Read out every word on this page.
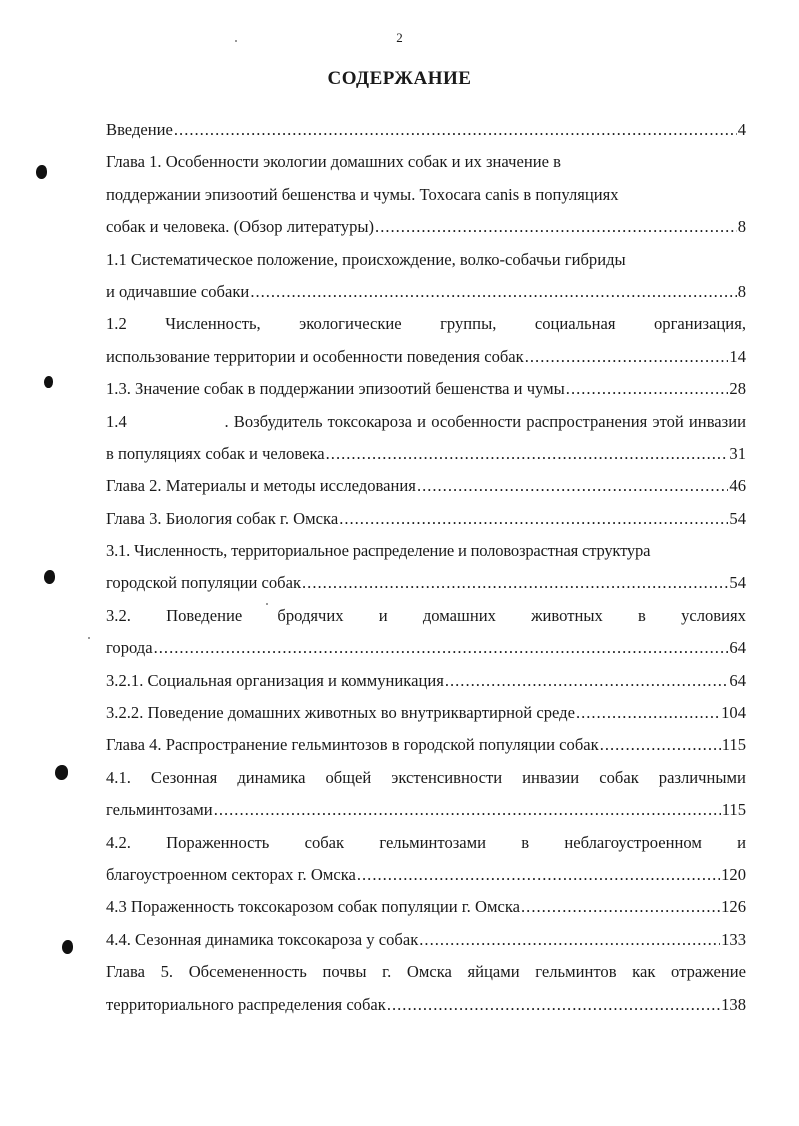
2
СОДЕРЖАНИЕ
Введение .....	4
Глава 1. Особенности экологии домашних собак и их значение в
поддержании эпизоотий бешенства и чумы. Toxocara canis в популяциях
собак и человека. (Обзор литературы) .....	8
1.1 Систематическое положение, происхождение, волко-собачьи гибриды
и одичавшие собаки .....	8
1.2 Численность, экологические группы, социальная организация,
использование территории и особенности поведения собак .....	14
1.3. Значение собак в поддержании эпизоотий бешенства и чумы .....	28
1.4	. Возбудитель токсокароза и особенности распространения этой инвазии
в популяциях собак и человека .....	31
Глава 2. Материалы и методы исследования .....	46
Глава 3. Биология собак г. Омска .....	54
3.1. Численность, территориальное распределение и половозрастная структура
городской популяции собак .....	54
3.2. Поведение бродячих и домашних животных в условиях
города .....	64
3.2.1. Социальная организация и коммуникация .....	64
3.2.2. Поведение домашних животных во внутриквартирной среде .....	104
Глава 4. Распространение гельминтозов в городской популяции собак .....	115
4.1. Сезонная динамика общей экстенсивности инвазии собак различными
гельминтозами .....	115
4.2. Пораженность собак гельминтозами в неблагоустроенном и
благоустроенном секторах г. Омска .....	120
4.3 Пораженность токсокарозом собак популяции г. Омска .....	126
4.4. Сезонная динамика токсокароза у собак .....	133
Глава 5. Обсемененность почвы г. Омска яйцами гельминтов как отражение
территориального распределения собак .....	138
